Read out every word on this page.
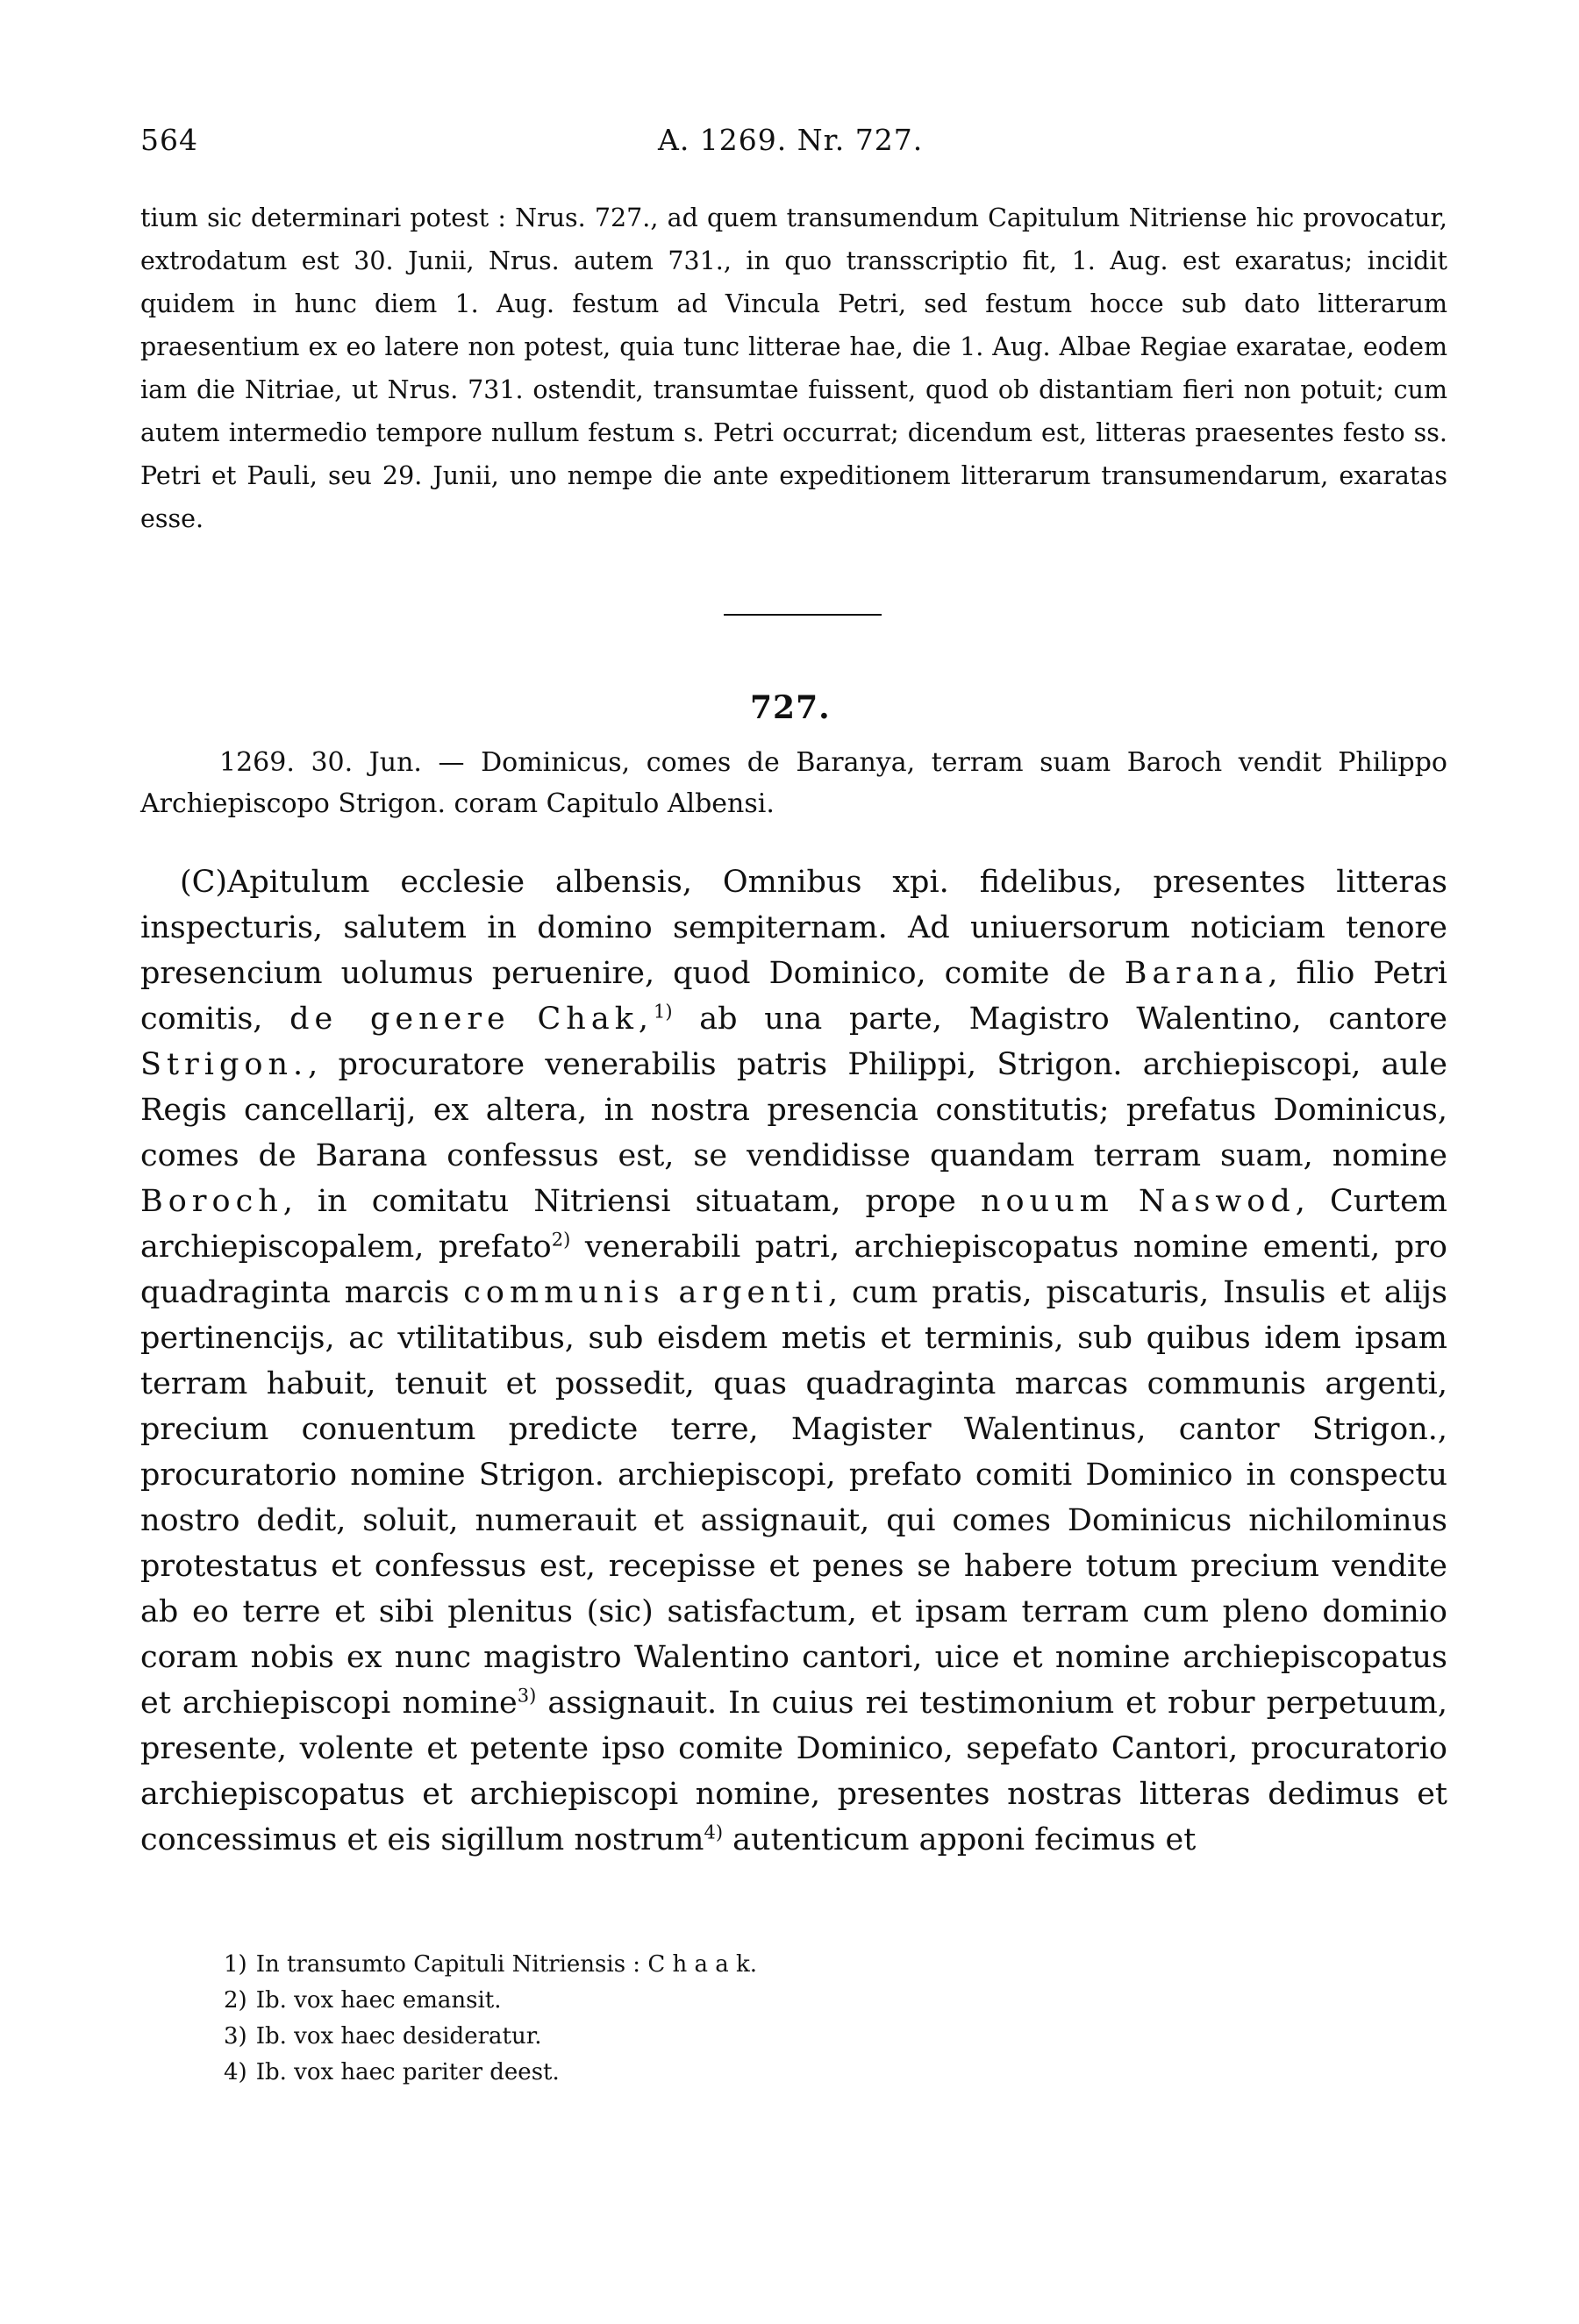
564	A. 1269. Nr. 727.

tium sic determinari potest : Nrus. 727., ad quem transumendum Capitulum Nitriense hic provocatur, extrodatum est 30. Junii, Nrus. autem 731., in quo transscriptio fit, 1. Aug. est exaratus; incidit quidem in hunc diem 1. Aug. festum ad Vincula Petri, sed festum hocce sub dato litterarum praesentium ex eo latere non potest, quia tunc litterae hae, die 1. Aug. Albae Regiae exaratae, eodem iam die Nitriae, ut Nrus. 731. ostendit, transumtae fuissent, quod ob distantiam fieri non potuit; cum autem intermedio tempore nullum festum s. Petri occurrat; dicendum est, litteras praesentes festo ss. Petri et Pauli, seu 29. Junii, uno nempe die ante expeditionem litterarum transumendarum, exaratas esse.

727.

1269. 30. Jun. — Dominicus, comes de Baranya, terram suam Baroch vendit Philippo Archiepiscopo Strigon. coram Capitulo Albensi.

(C)Apitulum ecclesie albensis, Omnibus xpi. fidelibus, presentes litteras inspecturis, salutem in domino sempiternam. Ad uniuersorum noticiam tenore presencium uolumus peruenire, quod Dominico, comite de Barana, filio Petri comitis, de genere Chak,$^{1)}$ ab una parte, Magistro Walentino, cantore Strigon., procuratore venerabilis patris Philippi, Strigon. archiepiscopi, aule Regis cancellarij, ex altera, in nostra presencia constitutis; prefatus Dominicus, comes de Barana confessus est, se vendidisse quandam terram suam, nomine Boroch, in comitatu Nitriensi situatam, prope nouum Naswod, Curtem archiepiscopalem, prefato$^{2)}$ venerabili patri, archiepiscopatus nomine ementi, pro quadraginta marcis communis argenti, cum pratis, piscaturis, Insulis et alijs pertinencijs, ac vtilitatibus, sub eisdem metis et terminis, sub quibus idem ipsam terram habuit, tenuit et possedit, quas quadraginta marcas communis argenti, precium conuentum predicte terre, Magister Walentinus, cantor Strigon., procuratorio nomine Strigon. archiepiscopi, prefato comiti Dominico in conspectu nostro dedit, soluit, numerauit et assignauit, qui comes Dominicus nichilominus protestatus et confessus est, recepisse et penes se habere totum precium vendite ab eo terre et sibi plenitus (sic) satisfactum, et ipsam terram cum pleno dominio coram nobis ex nunc magistro Walentino cantori, uice et nomine archiepiscopatus et archiepiscopi nomine$^{3)}$ assignauit. In cuius rei testimonium et robur perpetuum, presente, volente et petente ipso comite Dominico, sepefato Cantori, procuratorio archiepiscopatus et archiepiscopi nomine, presentes nostras litteras dedimus et concessimus et eis sigillum nostrum$^{4)}$ autenticum apponi fecimus et

1) In transumto Capituli Nitriensis : C h a a k.
2) Ib. vox haec emansit.
3) Ib. vox haec desideratur.
4) Ib. vox haec pariter deest.
